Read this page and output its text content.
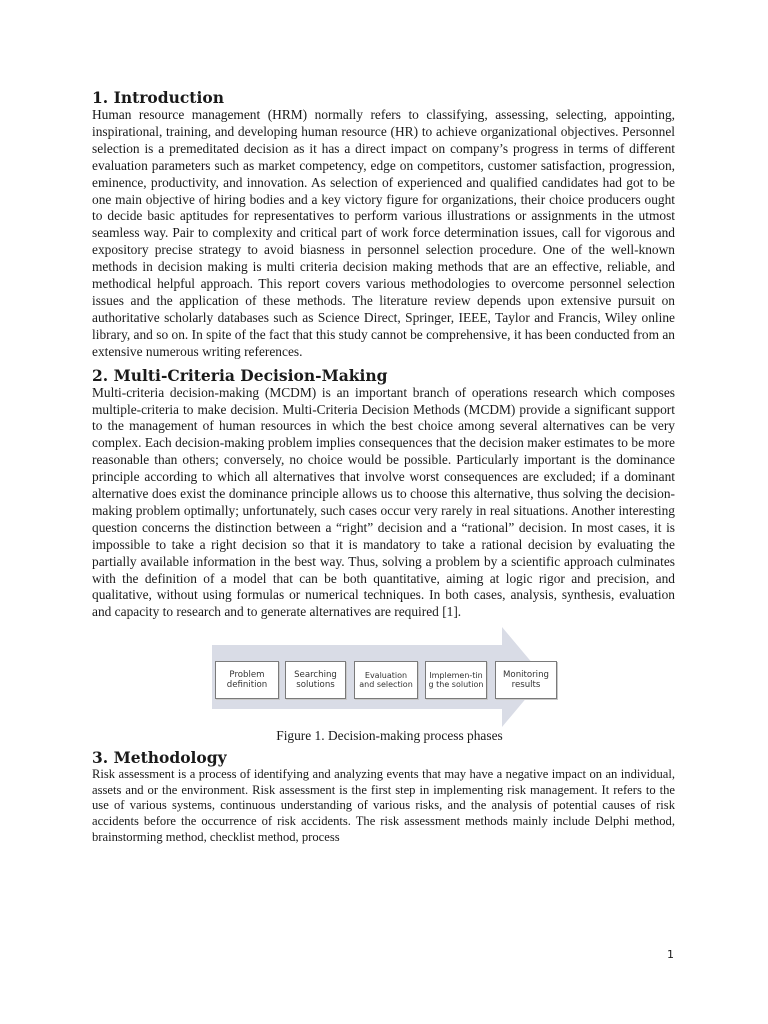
1. Introduction

Human resource management (HRM) normally refers to classifying, assessing, selecting, appointing, inspirational, training, and developing human resource (HR) to achieve organizational objectives. Personnel selection is a premeditated decision as it has a direct impact on company’s progress in terms of different evaluation parameters such as market competency, edge on competitors, customer satisfaction, progression, eminence, productivity, and innovation. As selection of experienced and qualified candidates had got to be one main objective of hiring bodies and a key victory figure for organizations, their choice producers ought to decide basic aptitudes for representatives to perform various illustrations or assignments in the utmost seamless way. Pair to complexity and critical part of work force determination issues, call for vigorous and expository precise strategy to avoid biasness in personnel selection procedure. One of the well-known methods in decision making is multi criteria decision making methods that are an effective, reliable, and methodical helpful approach. This report covers various methodologies to overcome personnel selection issues and the application of these methods. The literature review depends upon extensive pursuit on authoritative scholarly databases such as Science Direct, Springer, IEEE, Taylor and Francis, Wiley online library, and so on. In spite of the fact that this study cannot be comprehensive, it has been conducted from an extensive numerous writing references.

2. Multi-Criteria Decision-Making

Multi-criteria decision-making (MCDM) is an important branch of operations research which composes multiple-criteria to make decision. Multi-Criteria Decision Methods (MCDM) provide a significant support to the management of human resources in which the best choice among several alternatives can be very complex. Each decision-making problem implies consequences that the decision maker estimates to be more reasonable than others; conversely, no choice would be possible. Particularly important is the dominance principle according to which all alternatives that involve worst consequences are excluded; if a dominant alternative does exist the dominance principle allows us to choose this alternative, thus solving the decision-making problem optimally; unfortunately, such cases occur very rarely in real situations. Another interesting question concerns the distinction between a “right” decision and a “rational” decision. In most cases, it is impossible to take a right decision so that it is mandatory to take a rational decision by evaluating the partially available information in the best way. Thus, solving a problem by a scientific approach culminates with the definition of a model that can be both quantitative, aiming at logic rigor and precision, and qualitative, without using formulas or numerical techniques. In both cases, analysis, synthesis, evaluation and capacity to research and to generate alternatives are required [1].

Problem definition
Searching solutions
Evaluation and selection
Implemen-ting the solution
Monitoring results

Figure 1. Decision-making process phases

3. Methodology

Risk assessment is a process of identifying and analyzing events that may have a negative impact on an individual, assets and or the environment. Risk assessment is the first step in implementing risk management. It refers to the use of various systems, continuous understanding of various risks, and the analysis of potential causes of risk accidents before the occurrence of risk accidents. The risk assessment methods mainly include Delphi method, brainstorming method, checklist method, process

1
